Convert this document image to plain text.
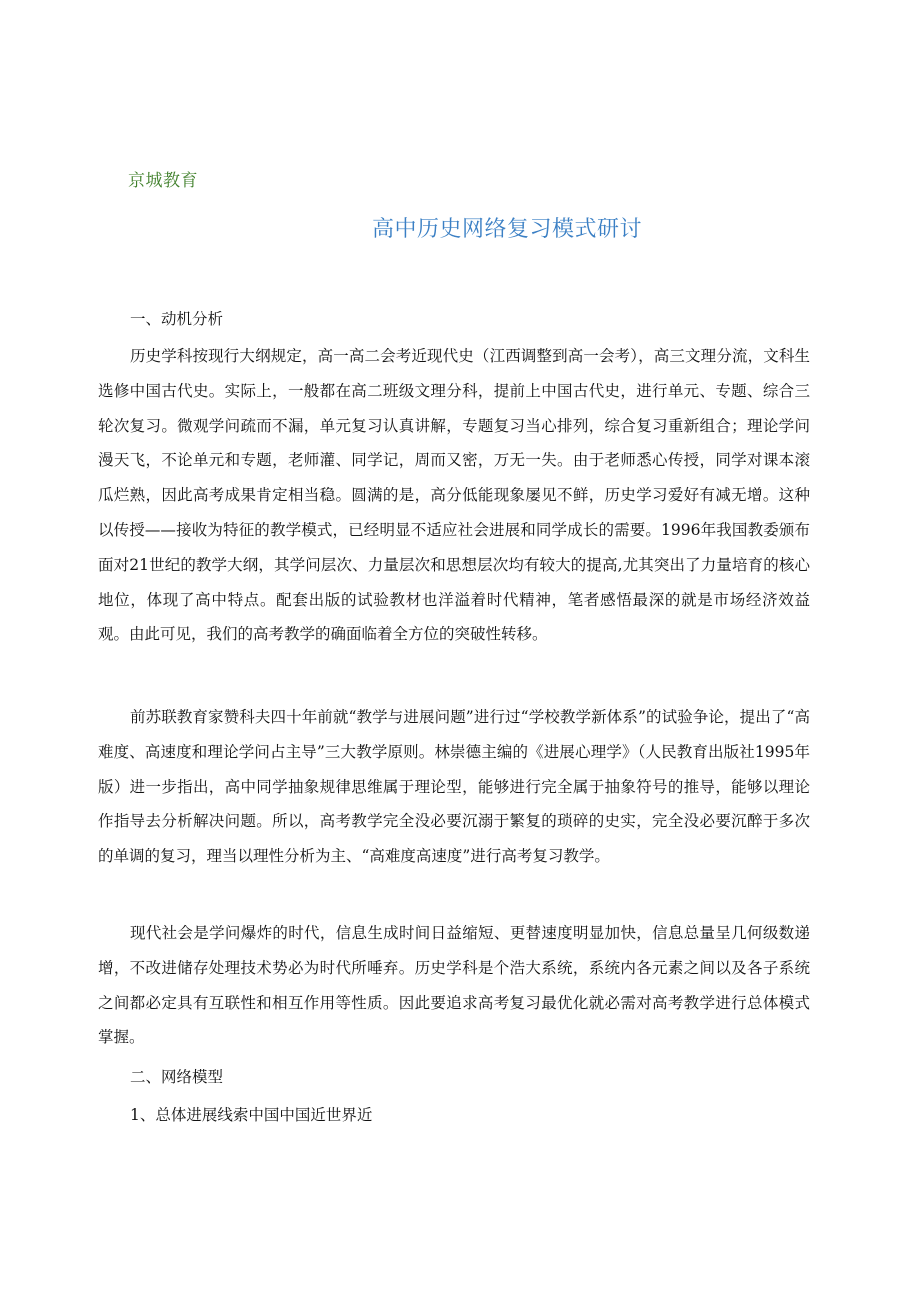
京城教育
高中历史网络复习模式研讨
一、动机分析

历史学科按现行大纲规定，高一高二会考近现代史（江西调整到高一会考），高三文理分流，文科生选修中国古代史。实际上，一般都在高二班级文理分科，提前上中国古代史，进行单元、专题、综合三轮次复习。微观学问疏而不漏，单元复习认真讲解，专题复习当心排列，综合复习重新组合；理论学问漫天飞，不论单元和专题，老师灌、同学记，周而又密，万无一失。由于老师悉心传授，同学对课本滚瓜烂熟，因此高考成果肯定相当稳。圆满的是，高分低能现象屡见不鲜，历史学习爱好有减无增。这种以传授——接收为特征的教学模式，已经明显不适应社会进展和同学成长的需要。1996年我国教委颁布面对21世纪的教学大纲，其学问层次、力量层次和思想层次均有较大的提高,尤其突出了力量培育的核心地位，体现了高中特点。配套出版的试验教材也洋溢着时代精神，笔者感悟最深的就是市场经济效益观。由此可见，我们的高考教学的确面临着全方位的突破性转移。

前苏联教育家赞科夫四十年前就“教学与进展问题”进行过“学校教学新体系”的试验争论，提出了“高难度、高速度和理论学问占主导”三大教学原则。林崇德主编的《进展心理学》（人民教育出版社1995年版）进一步指出，高中同学抽象规律思维属于理论型，能够进行完全属于抽象符号的推导，能够以理论作指导去分析解决问题。所以，高考教学完全没必要沉溺于繁复的琐碎的史实，完全没必要沉醉于多次的单调的复习，理当以理性分析为主、“高难度高速度”进行高考复习教学。

现代社会是学问爆炸的时代，信息生成时间日益缩短、更替速度明显加快，信息总量呈几何级数递增，不改进储存处理技术势必为时代所唾弃。历史学科是个浩大系统，系统内各元素之间以及各子系统之间都必定具有互联性和相互作用等性质。因此要追求高考复习最优化就必需对高考教学进行总体模式掌握。

二、网络模型
1、总体进展线索中国中国近世界近
